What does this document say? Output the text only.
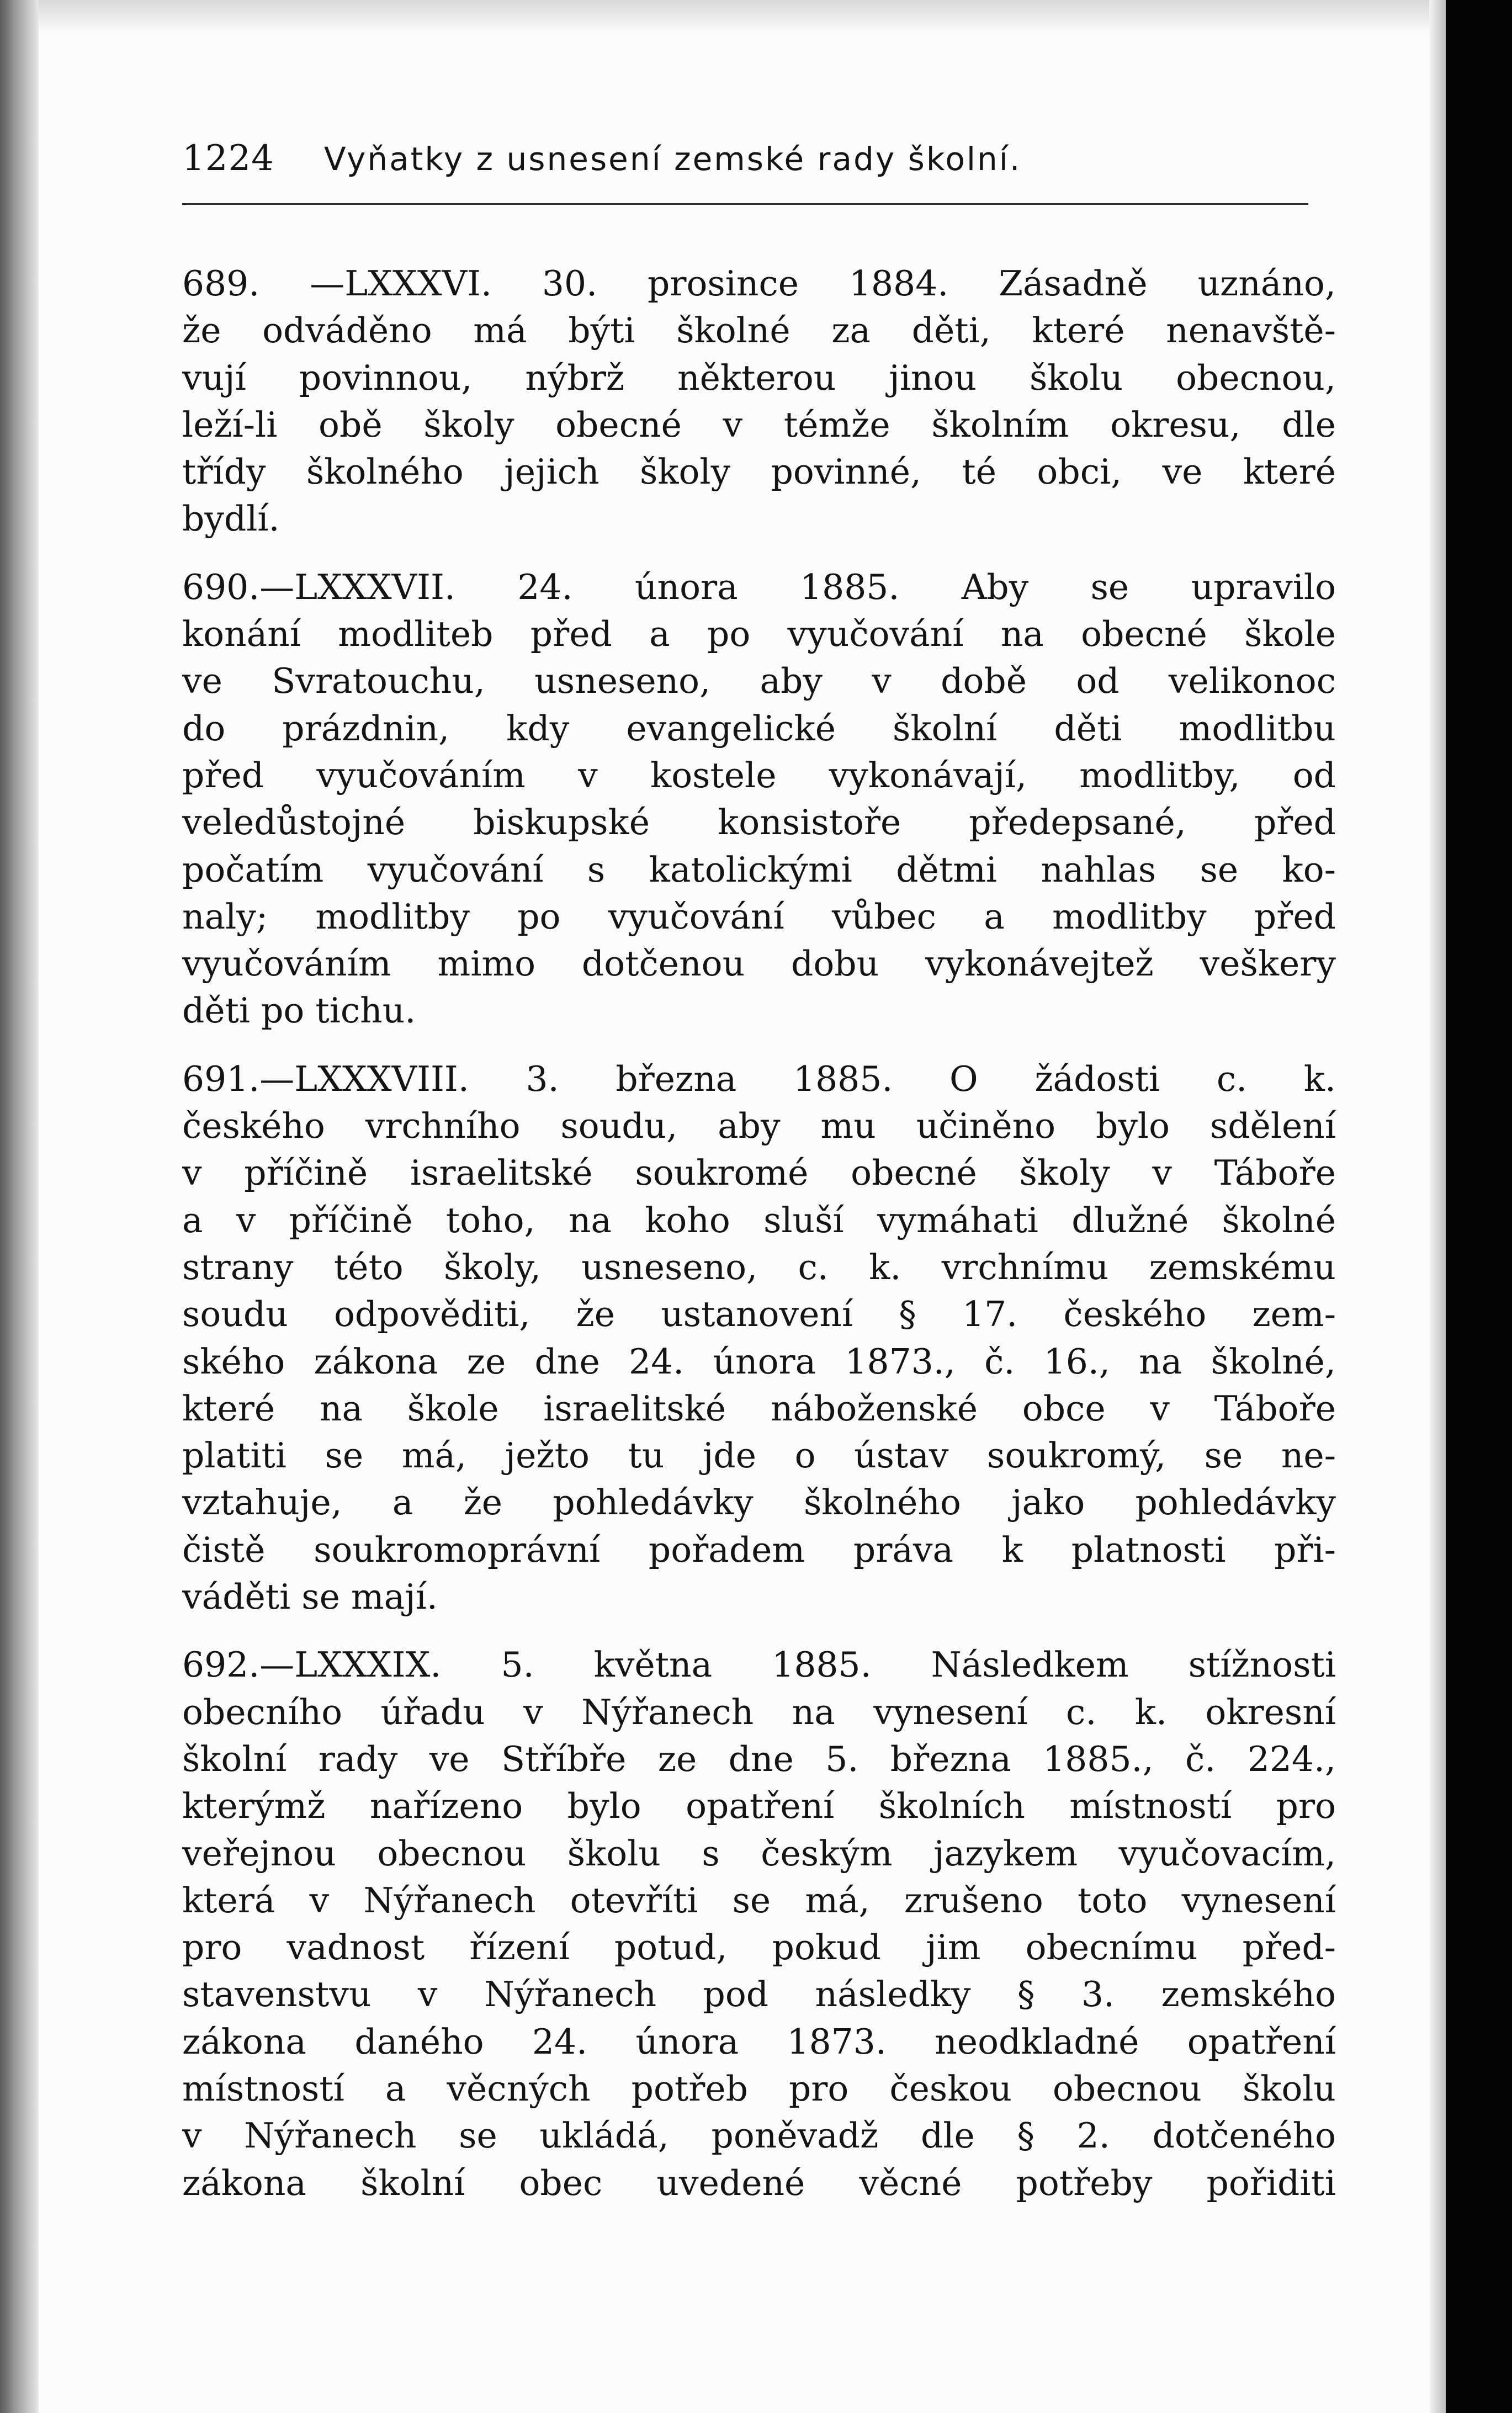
1224 Vyňatky z usnesení zemské rady školní.
689. —LXXXVI. 30. prosince 1884. Zásadně uznáno,
že odváděno má býti školné za děti, které nenavště-
vují povinnou, nýbrž některou jinou školu obecnou,
leží-li obě školy obecné v témže školním okresu, dle
třídy školného jejich školy povinné, té obci, ve které
bydlí.
690.—LXXXVII. 24. února 1885. Aby se upravilo
konání modliteb před a po vyučování na obecné škole
ve Svratouchu, usneseno, aby v době od velikonoc
do prázdnin, kdy evangelické školní děti modlitbu
před vyučováním v kostele vykonávají, modlitby, od
veledůstojné biskupské konsistoře předepsané, před
počatím vyučování s katolickými dětmi nahlas se ko-
naly; modlitby po vyučování vůbec a modlitby před
vyučováním mimo dotčenou dobu vykonávejtež veškery
děti po tichu.
691.—LXXXVIII. 3. března 1885. O žádosti c. k.
českého vrchního soudu, aby mu učiněno bylo sdělení
v příčině israelitské soukromé obecné školy v Táboře
a v příčině toho, na koho sluší vymáhati dlužné školné
strany této školy, usneseno, c. k. vrchnímu zemskému
soudu odpověditi, že ustanovení § 17. českého zem-
ského zákona ze dne 24. února 1873., č. 16., na školné,
které na škole israelitské náboženské obce v Táboře
platiti se má, ježto tu jde o ústav soukromý, se ne-
vztahuje, a že pohledávky školného jako pohledávky
čistě soukromoprávní pořadem práva k platnosti při-
váděti se mají.
692.—LXXXIX. 5. května 1885. Následkem stížnosti
obecního úřadu v Nýřanech na vynesení c. k. okresní
školní rady ve Stříbře ze dne 5. března 1885., č. 224.,
kterýmž nařízeno bylo opatření školních místností pro
veřejnou obecnou školu s českým jazykem vyučovacím,
která v Nýřanech otevříti se má, zrušeno toto vynesení
pro vadnost řízení potud, pokud jim obecnímu před-
stavenstvu v Nýřanech pod následky § 3. zemského
zákona daného 24. února 1873. neodkladné opatření
místností a věcných potřeb pro českou obecnou školu
v Nýřanech se ukládá, poněvadž dle § 2. dotčeného
zákona školní obec uvedené věcné potřeby pořiditi
